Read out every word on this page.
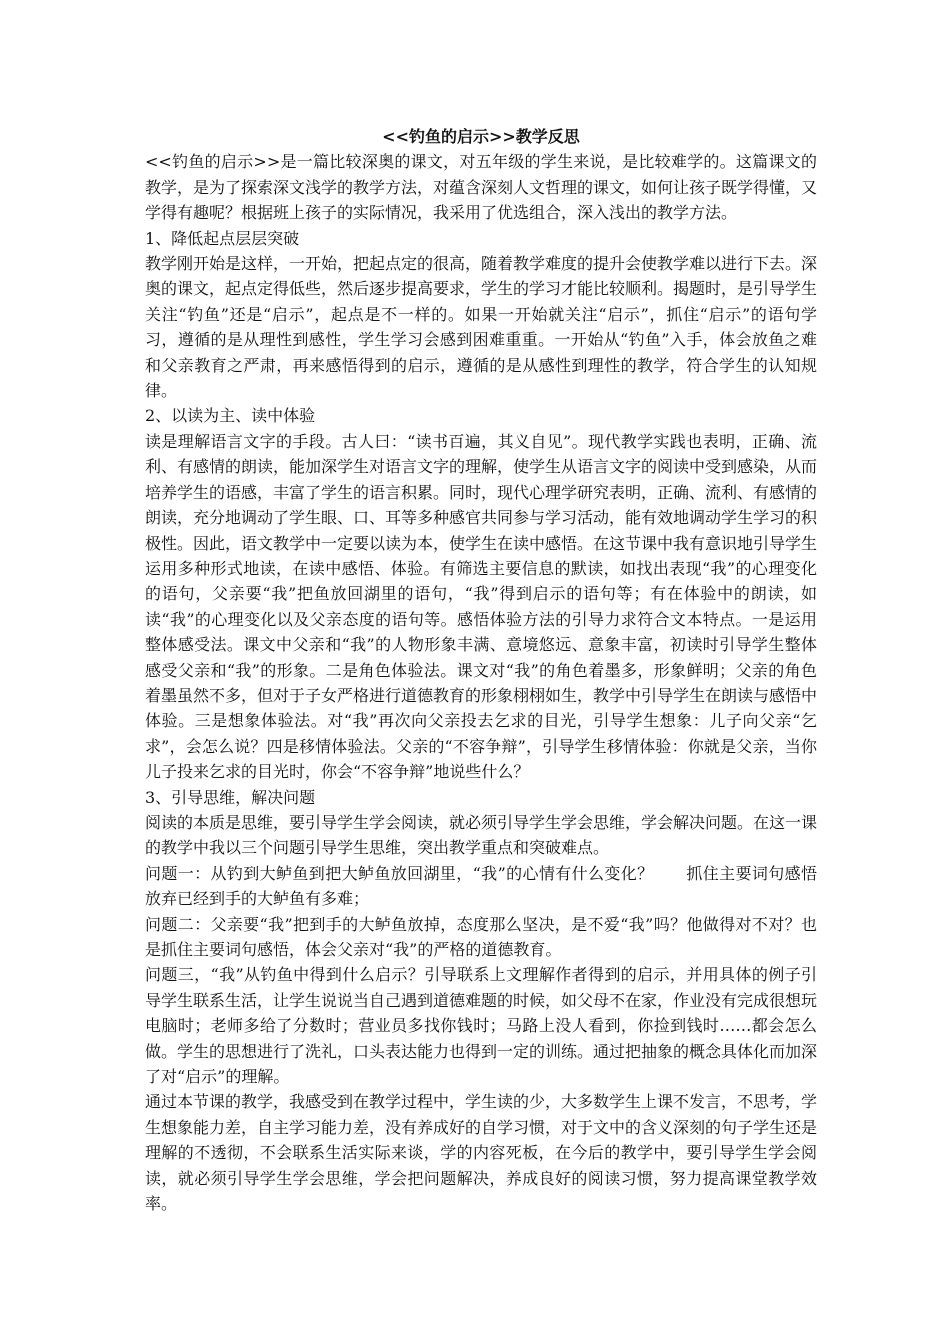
<<钓鱼的启示>>教学反思

<<钓鱼的启示>>是一篇比较深奥的课文，对五年级的学生来说，是比较难学的。这篇课文的教学，是为了探索深文浅学的教学方法，对蕴含深刻人文哲理的课文，如何让孩子既学得懂，又学得有趣呢？根据班上孩子的实际情况，我采用了优选组合，深入浅出的教学方法。

1、降低起点层层突破

教学刚开始是这样，一开始，把起点定的很高，随着教学难度的提升会使教学难以进行下去。深奥的课文，起点定得低些，然后逐步提高要求，学生的学习才能比较顺利。揭题时，是引导学生关注“钓鱼”还是“启示”，起点是不一样的。如果一开始就关注“启示”，抓住“启示”的语句学习，遵循的是从理性到感性，学生学习会感到困难重重。一开始从“钓鱼”入手，体会放鱼之难和父亲教育之严肃，再来感悟得到的启示，遵循的是从感性到理性的教学，符合学生的认知规律。

2、以读为主、读中体验

读是理解语言文字的手段。古人曰：“读书百遍，其义自见”。现代教学实践也表明，正确、流利、有感情的朗读，能加深学生对语言文字的理解，使学生从语言文字的阅读中受到感染，从而培养学生的语感，丰富了学生的语言积累。同时，现代心理学研究表明，正确、流利、有感情的朗读，充分地调动了学生眼、口、耳等多种感官共同参与学习活动，能有效地调动学生学习的积极性。因此，语文教学中一定要以读为本，使学生在读中感悟。在这节课中我有意识地引导学生运用多种形式地读，在读中感悟、体验。有筛选主要信息的默读，如找出表现“我”的心理变化的语句，父亲要“我”把鱼放回湖里的语句，“我”得到启示的语句等；有在体验中的朗读，如读“我”的心理变化以及父亲态度的语句等。感悟体验方法的引导力求符合文本特点。一是运用整体感受法。课文中父亲和“我”的人物形象丰满、意境悠远、意象丰富，初读时引导学生整体感受父亲和“我”的形象。二是角色体验法。课文对“我”的角色着墨多，形象鲜明；父亲的角色着墨虽然不多，但对于子女严格进行道德教育的形象栩栩如生，教学中引导学生在朗读与感悟中体验。三是想象体验法。对“我”再次向父亲投去乞求的目光，引导学生想象：儿子向父亲“乞求”，会怎么说？四是移情体验法。父亲的“不容争辩”，引导学生移情体验：你就是父亲，当你儿子投来乞求的目光时，你会“不容争辩”地说些什么？

3、引导思维，解决问题

阅读的本质是思维，要引导学生学会阅读，就必须引导学生学会思维，学会解决问题。在这一课的教学中我以三个问题引导学生思维，突出教学重点和突破难点。

问题一：从钓到大鲈鱼到把大鲈鱼放回湖里，“我”的心情有什么变化？　　抓住主要词句感悟放弃已经到手的大鲈鱼有多难；

问题二：父亲要“我”把到手的大鲈鱼放掉，态度那么坚决，是不爱“我”吗？他做得对不对？也是抓住主要词句感悟，体会父亲对“我”的严格的道德教育。

问题三，“我”从钓鱼中得到什么启示？引导联系上文理解作者得到的启示，并用具体的例子引导学生联系生活，让学生说说当自己遇到道德难题的时候，如父母不在家，作业没有完成很想玩电脑时；老师多给了分数时；营业员多找你钱时；马路上没人看到，你捡到钱时……都会怎么做。学生的思想进行了洗礼，口头表达能力也得到一定的训练。通过把抽象的概念具体化而加深了对“启示”的理解。

通过本节课的教学，我感受到在教学过程中，学生读的少，大多数学生上课不发言，不思考，学生想象能力差，自主学习能力差，没有养成好的自学习惯，对于文中的含义深刻的句子学生还是理解的不透彻，不会联系生活实际来谈，学的内容死板，在今后的教学中，要引导学生学会阅读，就必须引导学生学会思维，学会把问题解决，养成良好的阅读习惯，努力提高课堂教学效率。
